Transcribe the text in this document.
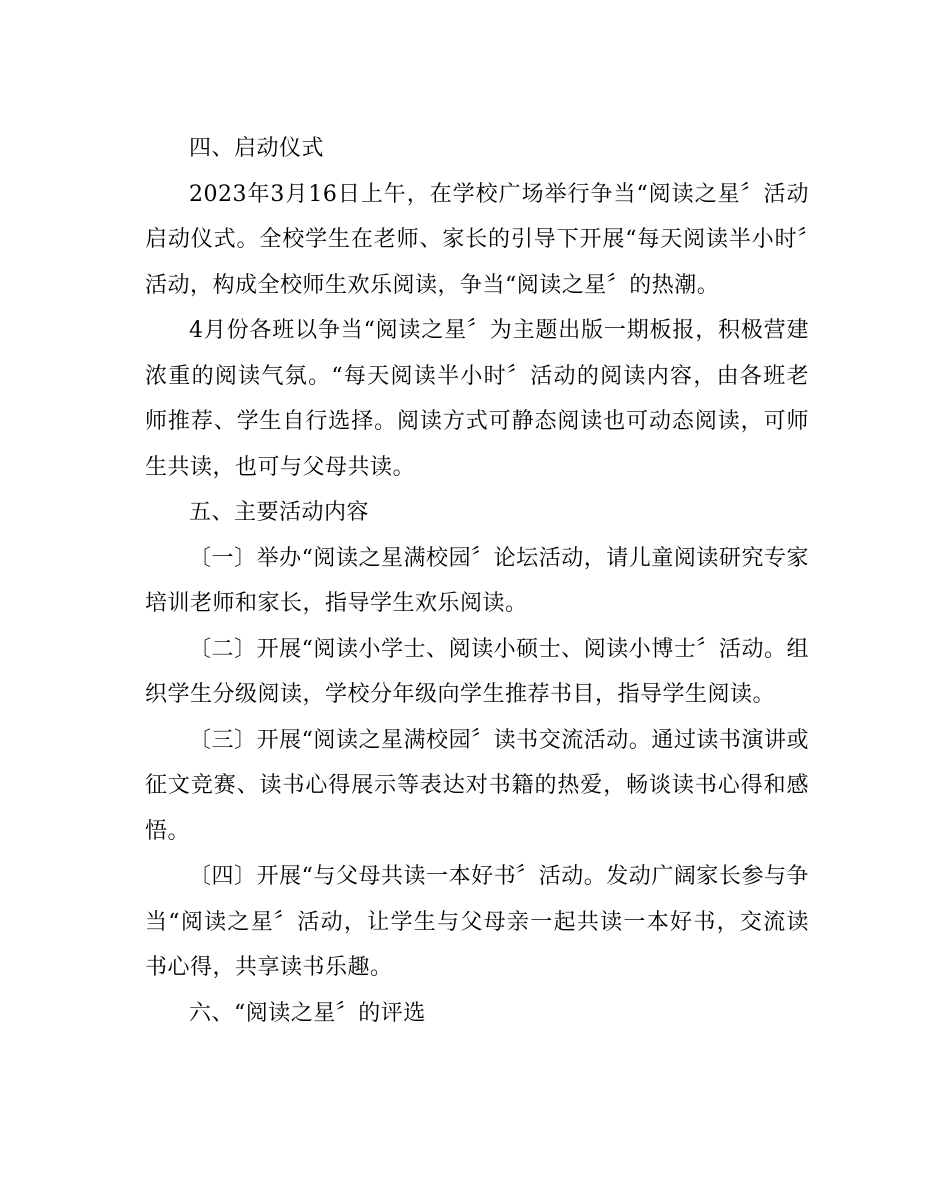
四、启动仪式

2023年3月16日上午，在学校广场举行争当“阅读之星〞活动启动仪式。全校学生在老师、家长的引导下开展“每天阅读半小时〞活动，构成全校师生欢乐阅读，争当“阅读之星〞的热潮。

4月份各班以争当“阅读之星〞为主题出版一期板报，积极营建浓重的阅读气氛。“每天阅读半小时〞活动的阅读内容，由各班老师推荐、学生自行选择。阅读方式可静态阅读也可动态阅读，可师生共读，也可与父母共读。

五、主要活动内容

〔一〕举办“阅读之星满校园〞论坛活动，请儿童阅读研究专家培训老师和家长，指导学生欢乐阅读。

〔二〕开展“阅读小学士、阅读小硕士、阅读小博士〞活动。组织学生分级阅读，学校分年级向学生推荐书目，指导学生阅读。

〔三〕开展“阅读之星满校园〞读书交流活动。通过读书演讲或征文竞赛、读书心得展示等表达对书籍的热爱，畅谈读书心得和感悟。

〔四〕开展“与父母共读一本好书〞活动。发动广阔家长参与争当“阅读之星〞活动，让学生与父母亲一起共读一本好书，交流读书心得，共享读书乐趣。

六、“阅读之星〞的评选
